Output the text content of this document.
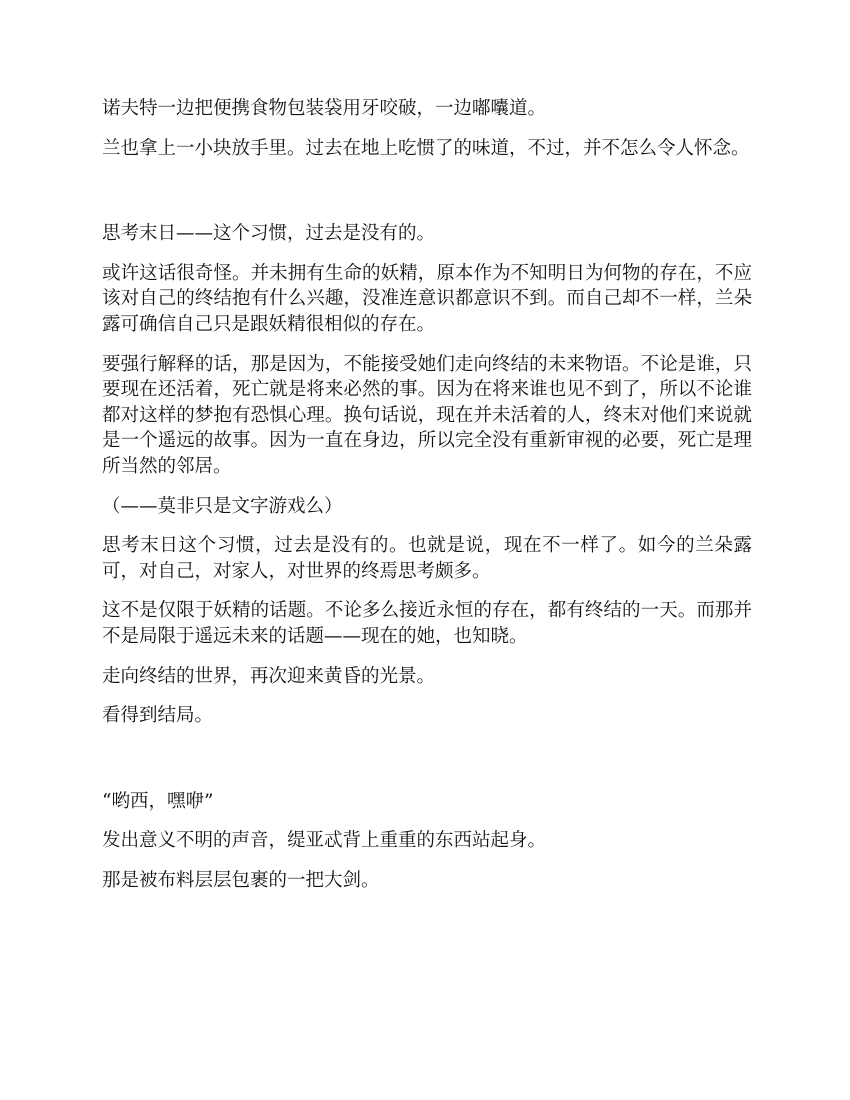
诺夫特一边把便携食物包装袋用牙咬破，一边嘟囔道。

兰也拿上一小块放手里。过去在地上吃惯了的味道，不过，并不怎么令人怀念。

思考末日——这个习惯，过去是没有的。

或许这话很奇怪。并未拥有生命的妖精，原本作为不知明日为何物的存在，不应该对自己的终结抱有什么兴趣，没准连意识都意识不到。而自己却不一样，兰朵露可确信自己只是跟妖精很相似的存在。

要强行解释的话，那是因为，不能接受她们走向终结的未来物语。不论是谁，只要现在还活着，死亡就是将来必然的事。因为在将来谁也见不到了，所以不论谁都对这样的梦抱有恐惧心理。换句话说，现在并未活着的人，终末对他们来说就是一个遥远的故事。因为一直在身边，所以完全没有重新审视的必要，死亡是理所当然的邻居。

（——莫非只是文字游戏么）

思考末日这个习惯，过去是没有的。也就是说，现在不一样了。如今的兰朵露可，对自己，对家人，对世界的终焉思考颇多。

这不是仅限于妖精的话题。不论多么接近永恒的存在，都有终结的一天。而那并不是局限于遥远未来的话题——现在的她，也知晓。

走向终结的世界，再次迎来黄昏的光景。

看得到结局。

“哟西，嘿咿”

发出意义不明的声音，缇亚忒背上重重的东西站起身。

那是被布料层层包裹的一把大剑。
